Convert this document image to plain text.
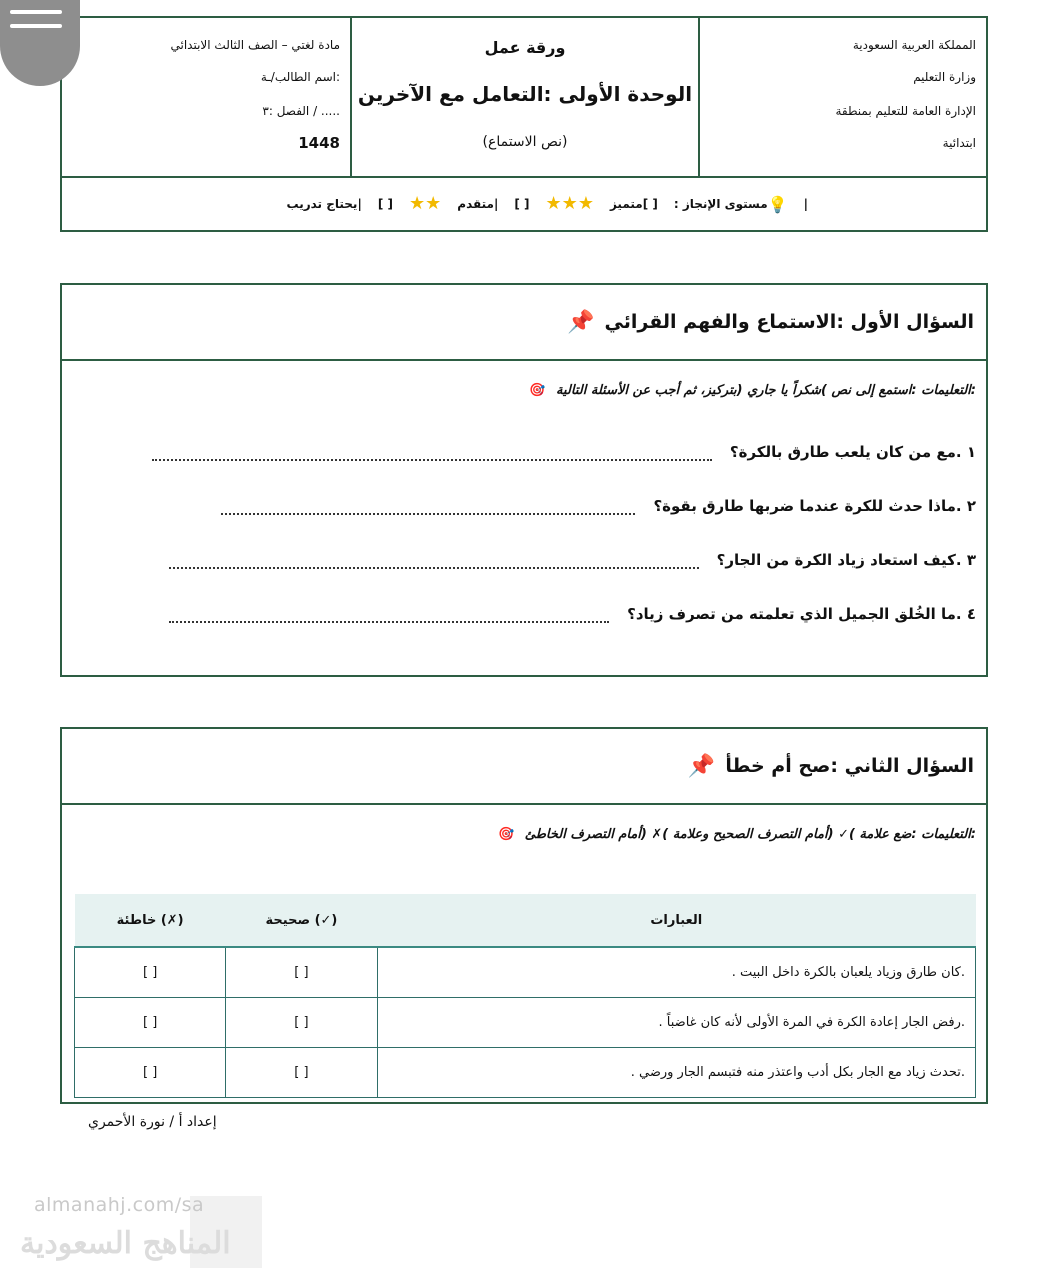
مادة لغتي – الصف الثالث الابتدائي
:اسم الطالب/ـة
..... / الفصل :٣
1448
ورقة عمل
الوحدة الأولى :التعامل مع الآخرين
(نص الاستماع)
المملكة العربية السعودية
وزارة التعليم
الإدارة العامة للتعليم بمنطقة
ابتدائية
|
💡
مستوى الإنجاز :
[ ]متميز
★
★
★
[ ]
|
متقدم
★
★
[ ]
|
يحتاج تدريب
السؤال الأول :الاستماع والفهم القرائي
📌
:التعليمات :استمع إلى نص )شكراً يا جاري (بتركيز، ثم أجب عن الأسئلة التالية 🎯
١ .مع من كان يلعب طارق بالكرة؟
٢ .ماذا حدث للكرة عندما ضربها طارق بقوة؟
٣ .كيف استعاد زياد الكرة من الجار؟
٤ .ما الخُلق الجميل الذي تعلمته من تصرف زياد؟
السؤال الثاني :صح أم خطأ
📌
:التعليمات :ضع علامة )✓ (أمام التصرف الصحيح وعلامة )✗ (أمام التصرف الخاطئ 🎯
العبارات	(✓) صحيحة	(✗) خاطئة
.كان طارق وزياد يلعبان بالكرة داخل البيت .	[ ]	[ ]
.رفض الجار إعادة الكرة في المرة الأولى لأنه كان غاضباً .	[ ]	[ ]
.تحدث زياد مع الجار بكل أدب واعتذر منه فتبسم الجار ورضي .	[ ]	[ ]
إعداد أ / نورة الأحمري
almanahj.com/sa
المناهج السعودية
